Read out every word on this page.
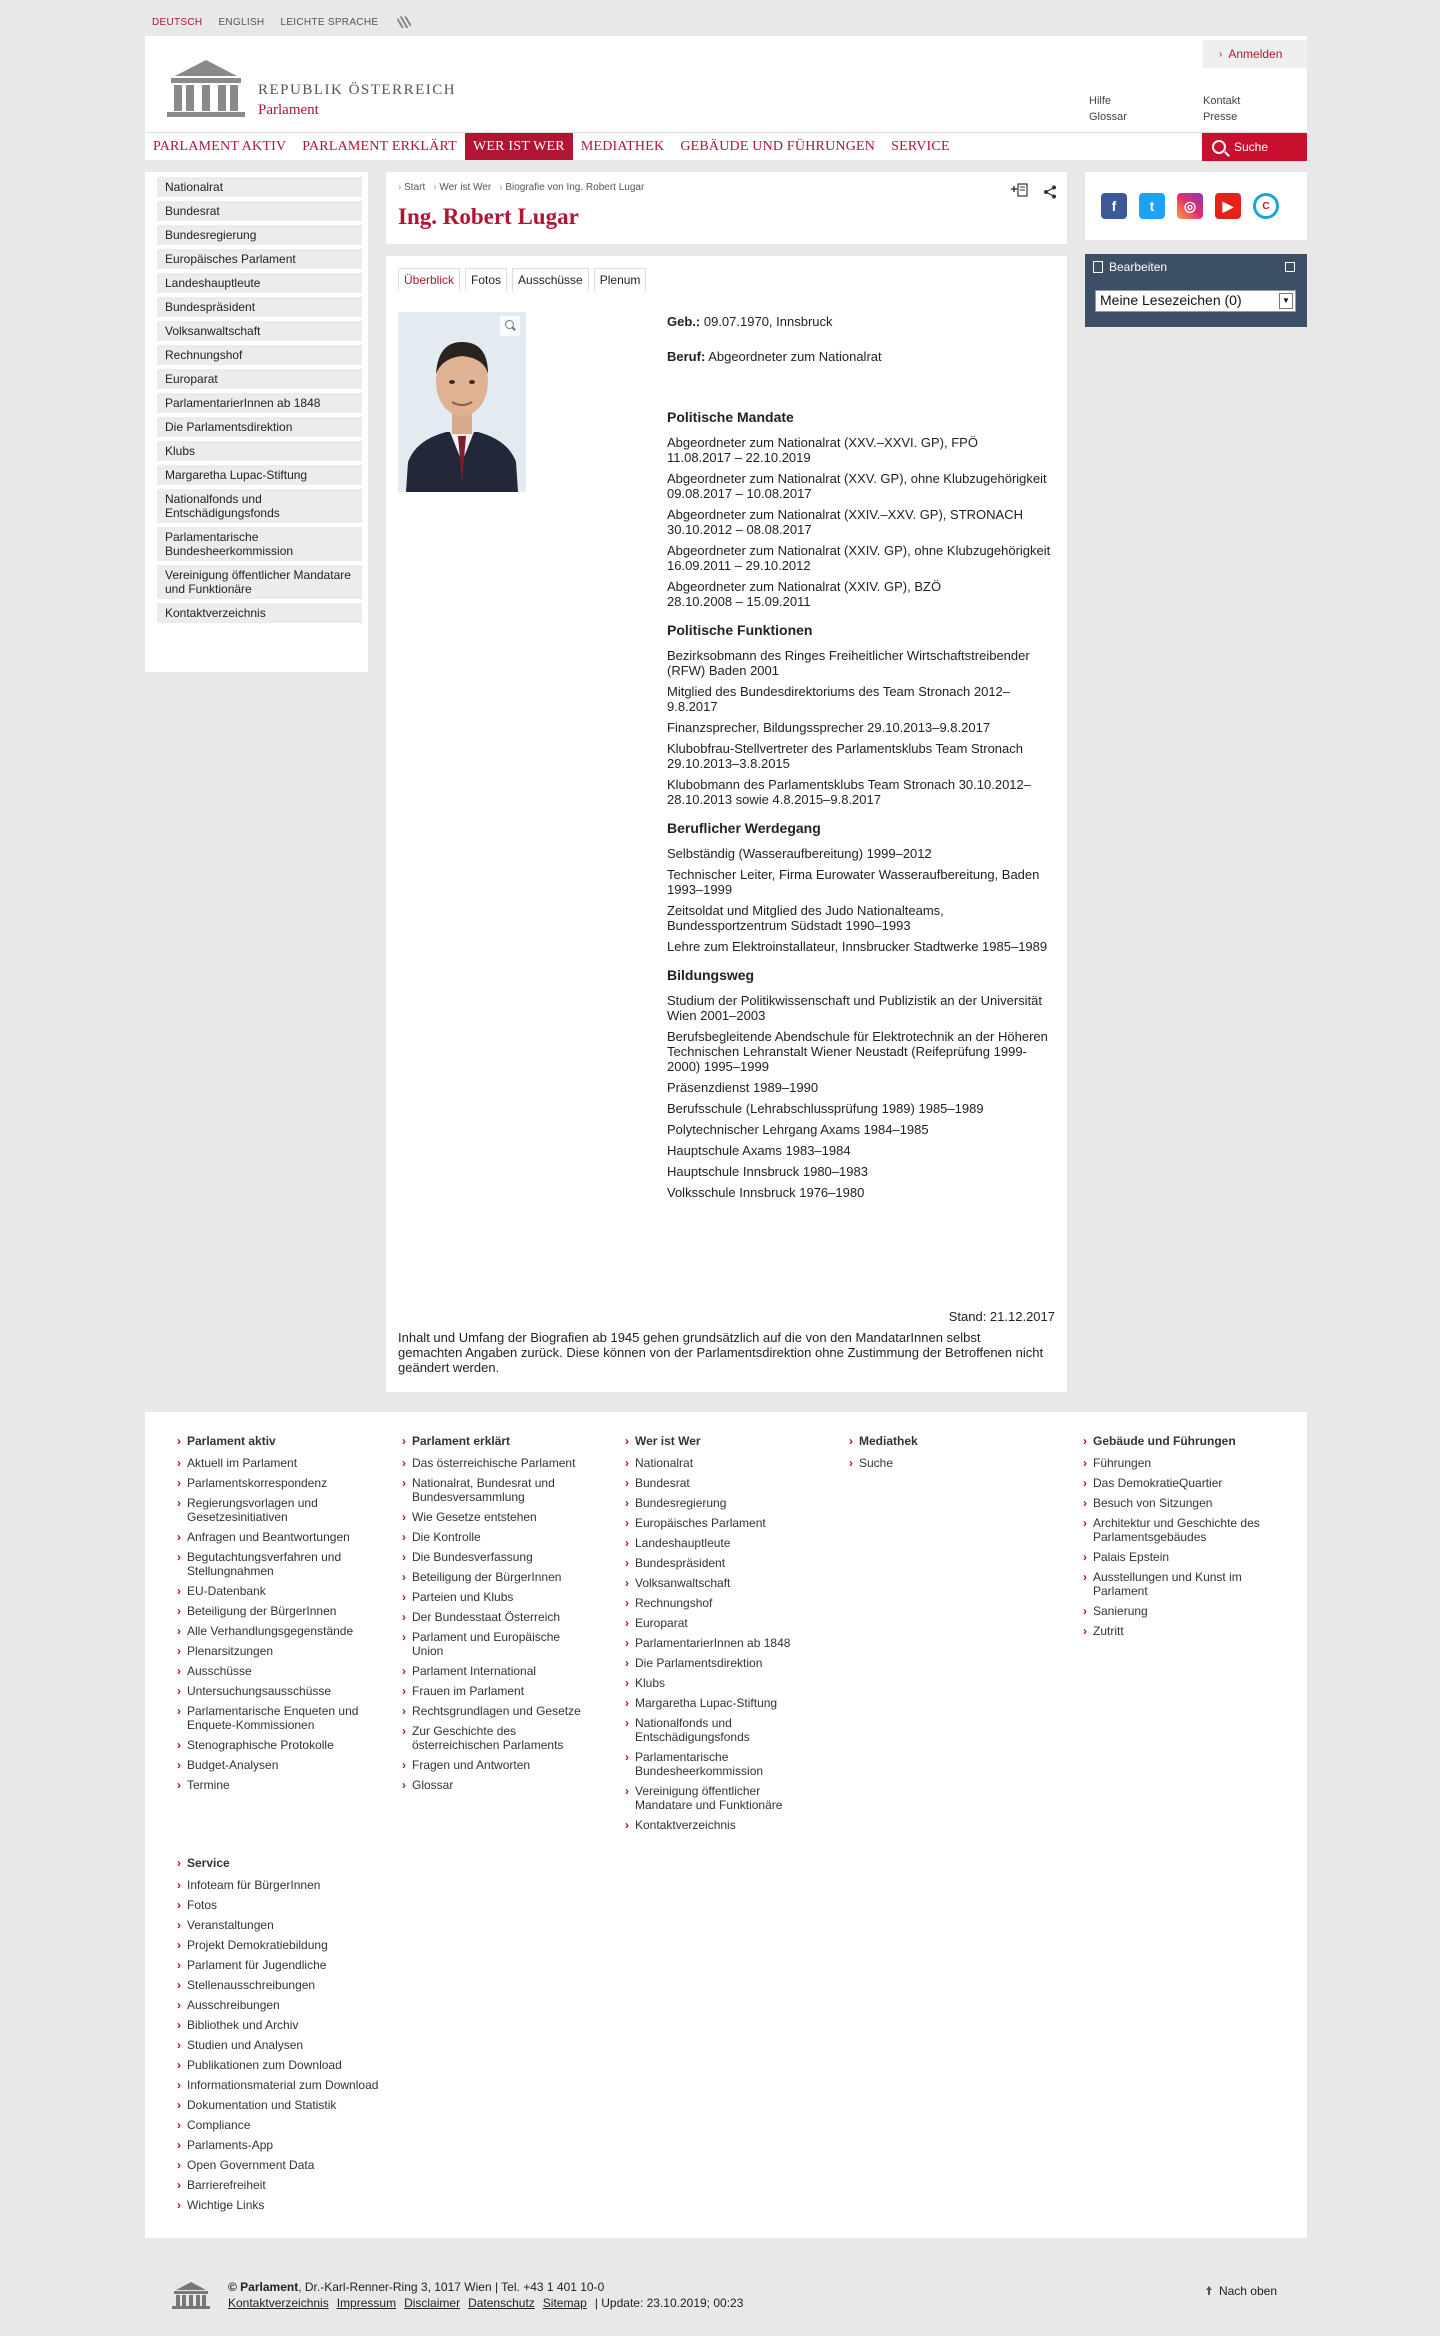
DEUTSCH ENGLISH LEICHTE SPRACHE
REPUBLIK ÖSTERREICH
Parlament
› Anmelden
Hilfe
Glossar
Kontakt
Presse
PARLAMENT AKTIV	PARLAMENT ERKLÄRT	WER IST WER	MEDIATHEK	GEBÄUDE UND FÜHRUNGEN	SERVICE	Suche
Nationalrat
Bundesrat
Bundesregierung
Europäisches Parlament
Landeshauptleute
Bundespräsident
Volksanwaltschaft
Rechnungshof
Europarat
ParlamentarierInnen ab 1848
Die Parlamentsdirektion
Klubs
Margaretha Lupac-Stiftung
Nationalfonds und Entschädigungsfonds
Parlamentarische Bundesheerkommission
Vereinigung öffentlicher Mandatare und Funktionäre
Kontaktverzeichnis
› Start	› Wer ist Wer	› Biografie von Ing. Robert Lugar
Ing. Robert Lugar
Überblick	Fotos	Ausschüsse	Plenum
Geb.: 09.07.1970, Innsbruck
Beruf: Abgeordneter zum Nationalrat
Politische Mandate
Abgeordneter zum Nationalrat (XXV.–XXVI. GP), FPÖ
11.08.2017 – 22.10.2019
Abgeordneter zum Nationalrat (XXV. GP), ohne Klubzugehörigkeit
09.08.2017 – 10.08.2017
Abgeordneter zum Nationalrat (XXIV.–XXV. GP), STRONACH
30.10.2012 – 08.08.2017
Abgeordneter zum Nationalrat (XXIV. GP), ohne Klubzugehörigkeit
16.09.2011 – 29.10.2012
Abgeordneter zum Nationalrat (XXIV. GP), BZÖ
28.10.2008 – 15.09.2011
Politische Funktionen
Bezirksobmann des Ringes Freiheitlicher Wirtschaftstreibender (RFW) Baden 2001
Mitglied des Bundesdirektoriums des Team Stronach 2012–9.8.2017
Finanzsprecher, Bildungssprecher 29.10.2013–9.8.2017
Klubobfrau-Stellvertreter des Parlamentsklubs Team Stronach 29.10.2013–3.8.2015
Klubobmann des Parlamentsklubs Team Stronach 30.10.2012–28.10.2013 sowie 4.8.2015–9.8.2017
Beruflicher Werdegang
Selbständig (Wasseraufbereitung) 1999–2012
Technischer Leiter, Firma Eurowater Wasseraufbereitung, Baden 1993–1999
Zeitsoldat und Mitglied des Judo Nationalteams, Bundessportzentrum Südstadt 1990–1993
Lehre zum Elektroinstallateur, Innsbrucker Stadtwerke 1985–1989
Bildungsweg
Studium der Politikwissenschaft und Publizistik an der Universität Wien 2001–2003
Berufsbegleitende Abendschule für Elektrotechnik an der Höheren Technischen Lehranstalt Wiener Neustadt (Reifeprüfung 1999-2000) 1995–1999
Präsenzdienst 1989–1990
Berufsschule (Lehrabschlussprüfung 1989) 1985–1989
Polytechnischer Lehrgang Axams 1984–1985
Hauptschule Axams 1983–1984
Hauptschule Innsbruck 1980–1983
Volksschule Innsbruck 1976–1980
Stand: 21.12.2017
Inhalt und Umfang der Biografien ab 1945 gehen grundsätzlich auf die von den MandatarInnen selbst gemachten Angaben zurück. Diese können von der Parlamentsdirektion ohne Zustimmung der Betroffenen nicht geändert werden.
f	t	◎	▶	C
Bearbeiten
Meine Lesezeichen (0)	▼
› Parlament aktiv
› Aktuell im Parlament
› Parlamentskorrespondenz
› Regierungsvorlagen und Gesetzesinitiativen
› Anfragen und Beantwortungen
› Begutachtungsverfahren und Stellungnahmen
› EU-Datenbank
› Beteiligung der BürgerInnen
› Alle Verhandlungsgegenstände
› Plenarsitzungen
› Ausschüsse
› Untersuchungsausschüsse
› Parlamentarische Enqueten und Enquete-Kommissionen
› Stenographische Protokolle
› Budget-Analysen
› Termine
› Parlament erklärt
› Das österreichische Parlament
› Nationalrat, Bundesrat und Bundesversammlung
› Wie Gesetze entstehen
› Die Kontrolle
› Die Bundesverfassung
› Beteiligung der BürgerInnen
› Parteien und Klubs
› Der Bundesstaat Österreich
› Parlament und Europäische Union
› Parlament International
› Frauen im Parlament
› Rechtsgrundlagen und Gesetze
› Zur Geschichte des österreichischen Parlaments
› Fragen und Antworten
› Glossar
› Wer ist Wer
› Nationalrat
› Bundesrat
› Bundesregierung
› Europäisches Parlament
› Landeshauptleute
› Bundespräsident
› Volksanwaltschaft
› Rechnungshof
› Europarat
› ParlamentarierInnen ab 1848
› Die Parlamentsdirektion
› Klubs
› Margaretha Lupac-Stiftung
› Nationalfonds und Entschädigungsfonds
› Parlamentarische Bundesheerkommission
› Vereinigung öffentlicher Mandatare und Funktionäre
› Kontaktverzeichnis
› Mediathek
› Suche
› Gebäude und Führungen
› Führungen
› Das DemokratieQuartier
› Besuch von Sitzungen
› Architektur und Geschichte des Parlamentsgebäudes
› Palais Epstein
› Ausstellungen und Kunst im Parlament
› Sanierung
› Zutritt
› Service
› Infoteam für BürgerInnen
› Fotos
› Veranstaltungen
› Projekt Demokratiebildung
› Parlament für Jugendliche
› Stellenausschreibungen
› Ausschreibungen
› Bibliothek und Archiv
› Studien und Analysen
› Publikationen zum Download
› Informationsmaterial zum Download
› Dokumentation und Statistik
› Compliance
› Parlaments-App
› Open Government Data
› Barrierefreiheit
› Wichtige Links
© Parlament, Dr.-Karl-Renner-Ring 3, 1017 Wien | Tel. +43 1 401 10-0
Kontaktverzeichnis Impressum Disclaimer Datenschutz Sitemap | Update: 23.10.2019; 00:23
Nach oben
